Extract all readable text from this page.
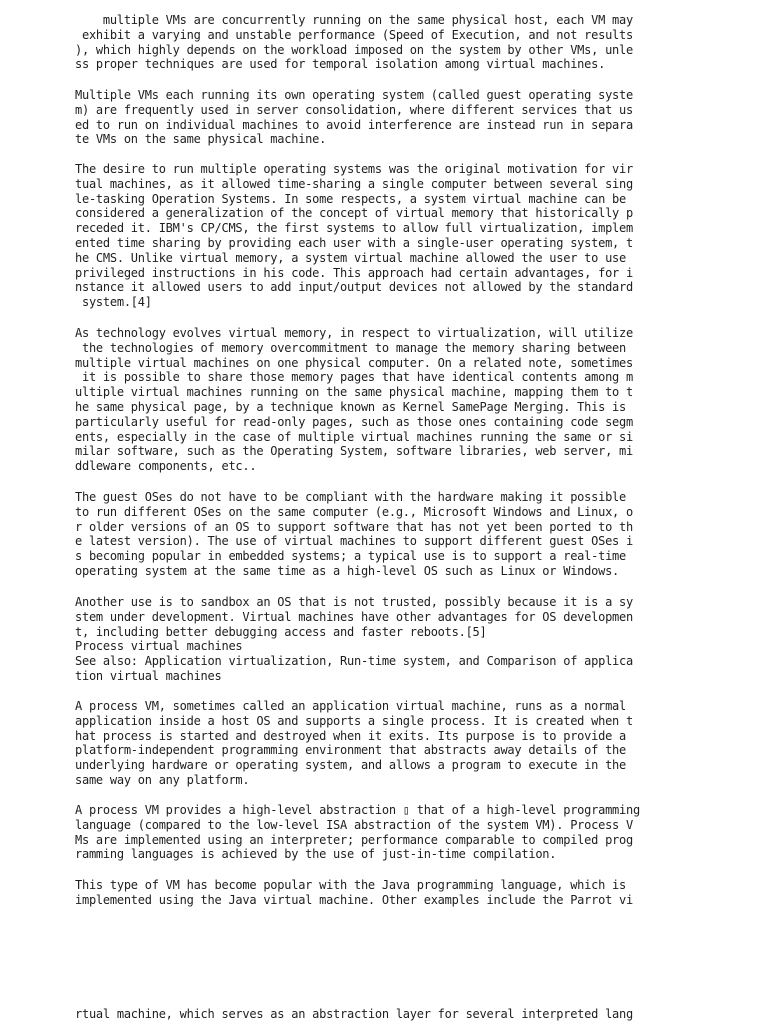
multiple VMs are concurrently running on the same physical host, each VM may
exhibit a varying and unstable performance (Speed of Execution, and not results
), which highly depends on the workload imposed on the system by other VMs, unle
ss proper techniques are used for temporal isolation among virtual machines.

Multiple VMs each running its own operating system (called guest operating syste
m) are frequently used in server consolidation, where different services that us
ed to run on individual machines to avoid interference are instead run in separa
te VMs on the same physical machine.

The desire to run multiple operating systems was the original motivation for vir
tual machines, as it allowed time-sharing a single computer between several sing
le-tasking Operation Systems. In some respects, a system virtual machine can be
considered a generalization of the concept of virtual memory that historically p
receded it. IBM's CP/CMS, the first systems to allow full virtualization, implem
ented time sharing by providing each user with a single-user operating system, t
he CMS. Unlike virtual memory, a system virtual machine allowed the user to use
privileged instructions in his code. This approach had certain advantages, for i
nstance it allowed users to add input/output devices not allowed by the standard
system.[4]

As technology evolves virtual memory, in respect to virtualization, will utilize
the technologies of memory overcommitment to manage the memory sharing between
multiple virtual machines on one physical computer. On a related note, sometimes
it is possible to share those memory pages that have identical contents among m
ultiple virtual machines running on the same physical machine, mapping them to t
he same physical page, by a technique known as Kernel SamePage Merging. This is
particularly useful for read-only pages, such as those ones containing code segm
ents, especially in the case of multiple virtual machines running the same or si
milar software, such as the Operating System, software libraries, web server, mi
ddleware components, etc..

The guest OSes do not have to be compliant with the hardware making it possible
to run different OSes on the same computer (e.g., Microsoft Windows and Linux, o
r older versions of an OS to support software that has not yet been ported to th
e latest version). The use of virtual machines to support different guest OSes i
s becoming popular in embedded systems; a typical use is to support a real-time
operating system at the same time as a high-level OS such as Linux or Windows.

Another use is to sandbox an OS that is not trusted, possibly because it is a sy
stem under development. Virtual machines have other advantages for OS developmen
t, including better debugging access and faster reboots.[5]
Process virtual machines
See also: Application virtualization, Run-time system, and Comparison of applica
tion virtual machines

A process VM, sometimes called an application virtual machine, runs as a normal
application inside a host OS and supports a single process. It is created when t
hat process is started and destroyed when it exits. Its purpose is to provide a
platform-independent programming environment that abstracts away details of the
underlying hardware or operating system, and allows a program to execute in the
same way on any platform.

A process VM provides a high-level abstraction ▯ that of a high-level programming
language (compared to the low-level ISA abstraction of the system VM). Process V
Ms are implemented using an interpreter; performance comparable to compiled prog
ramming languages is achieved by the use of just-in-time compilation.

This type of VM has become popular with the Java programming language, which is
implemented using the Java virtual machine. Other examples include the Parrot vi

rtual machine, which serves as an abstraction layer for several interpreted lang
